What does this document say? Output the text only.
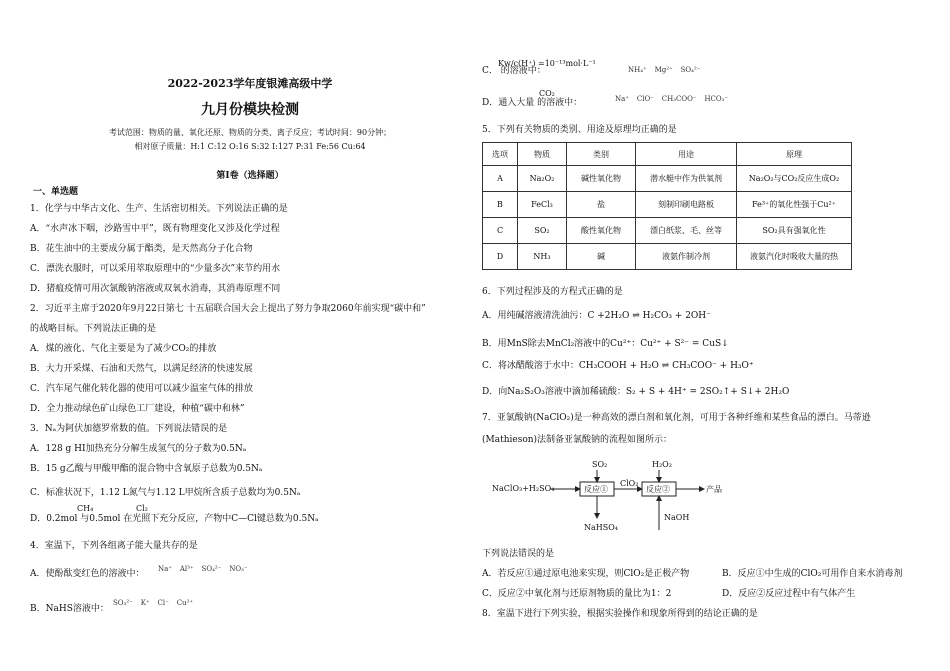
2022-2023学年度银滩高级中学
九月份模块检测
考试范围：物质的量、氧化还原、物质的分类、离子反应；考试时间：90分钟；
相对原子质量：H:1 C:12 O:16 S:32 I:127 P:31 Fe:56 Cu:64
第Ⅰ卷（选择题）
一、单选题
1．化学与中华古文化、生产、生活密切相关。下列说法正确的是
A．“水声冰下咽，沙路雪中平”，既有物理变化又涉及化学过程
B．花生油中的主要成分属于酯类，是天然高分子化合物
C．漂洗衣服时，可以采用萃取原理中的“少量多次”来节约用水
D．猪瘟疫情可用次氯酸钠溶液或双氧水消毒，其消毒原理不同
2．习近平主席于2020年9月22日第七 十五届联合国大会上提出了努力争取2060年前实现“碳中和”
的战略目标。下列说法正确的是
A．煤的液化、气化主要是为了减少CO₂的排放
B．大力开采煤、石油和天然气，以满足经济的快速发展
C．汽车尾气催化转化器的使用可以减少温室气体的排放
D．全力推动绿色矿山绿色工厂建设，种植“碳中和林”
3．Nₐ为阿伏加德罗常数的值。下列说法错误的是
A．128 g HI加热充分分解生成氢气的分子数为0.5Nₐ
B．15 g乙酸与甲酸甲酯的混合物中含氧原子总数为0.5Nₐ
C．标准状况下，1.12 L氮气与1.12 L甲烷所含质子总数均为0.5Nₐ
D．0.2mol 与0.5mol 在光照下充分反应，产物中C—Cl键总数为0.5Nₐ
CH₄	Cl₂
4．室温下，下列各组离子能大量共存的是
A．使酚酞变红色的溶液中： Na⁺ Al³⁺ SO₄²⁻ NO₃⁻
B．NaHS溶液中：
SO₃²⁻ K⁺ Cl⁻ Cu²⁺
C． 的溶液中：
Kw/c(H⁺) =10⁻¹³mol·L⁻¹
NH₄⁺ Mg²⁺ SO₄²⁻
D．通入大量 的溶液中：
CO₂
Na⁺ ClO⁻ CH₃COO⁻ HCO₃⁻
5．下列有关物质的类别、用途及原理均正确的是
选项	物质	类别	用途	原理
A	Na₂O₂	碱性氧化物	潜水艇中作为供氧剂	Na₂O₂与CO₂反应生成O₂
B	FeCl₃	盐	刻制印刷电路板	Fe³⁺的氧化性强于Cu²⁺
C	SO₂	酸性氧化物	漂白纸浆、毛、丝等	SO₂具有强氧化性
D	NH₃	碱	液氨作制冷剂	液氨汽化时吸收大量的热
6．下列过程涉及的方程式正确的是
A．用纯碱溶液清洗油污：C +2H₂O ⇌ H₂CO₃ + 2OH⁻
B．用MnS除去MnCl₂溶液中的Cu²⁺：Cu²⁺ + S²⁻ = CuS↓
C．将冰醋酸溶于水中：CH₃COOH + H₂O ⇌ CH₃COO⁻ + H₃O⁺
D．向Na₂S₂O₃溶液中滴加稀硫酸：S₂ + S + 4H⁺ = 2SO₂↑+ S↓+ 2H₂O
7．亚氯酸钠(NaClO₂)是一种高效的漂白剂和氧化剂，可用于各种纤维和某些食品的漂白。马蒂逊
(Mathieson)法制备亚氯酸钠的流程如图所示：
NaClO₃+H₂SO₄	反应①
SO₂
NaHSO₄
ClO₂
反应②
H₂O₂
NaOH
产品
下列说法错误的是
A．若反应①通过原电池来实现，则ClO₂是正极产物	B．反应①中生成的ClO₂可用作自来水消毒剂
C．反应②中氧化剂与还原剂物质的量比为1：2	D．反应②反应过程中有气体产生
8．室温下进行下列实验，根据实验操作和现象所得到的结论正确的是
